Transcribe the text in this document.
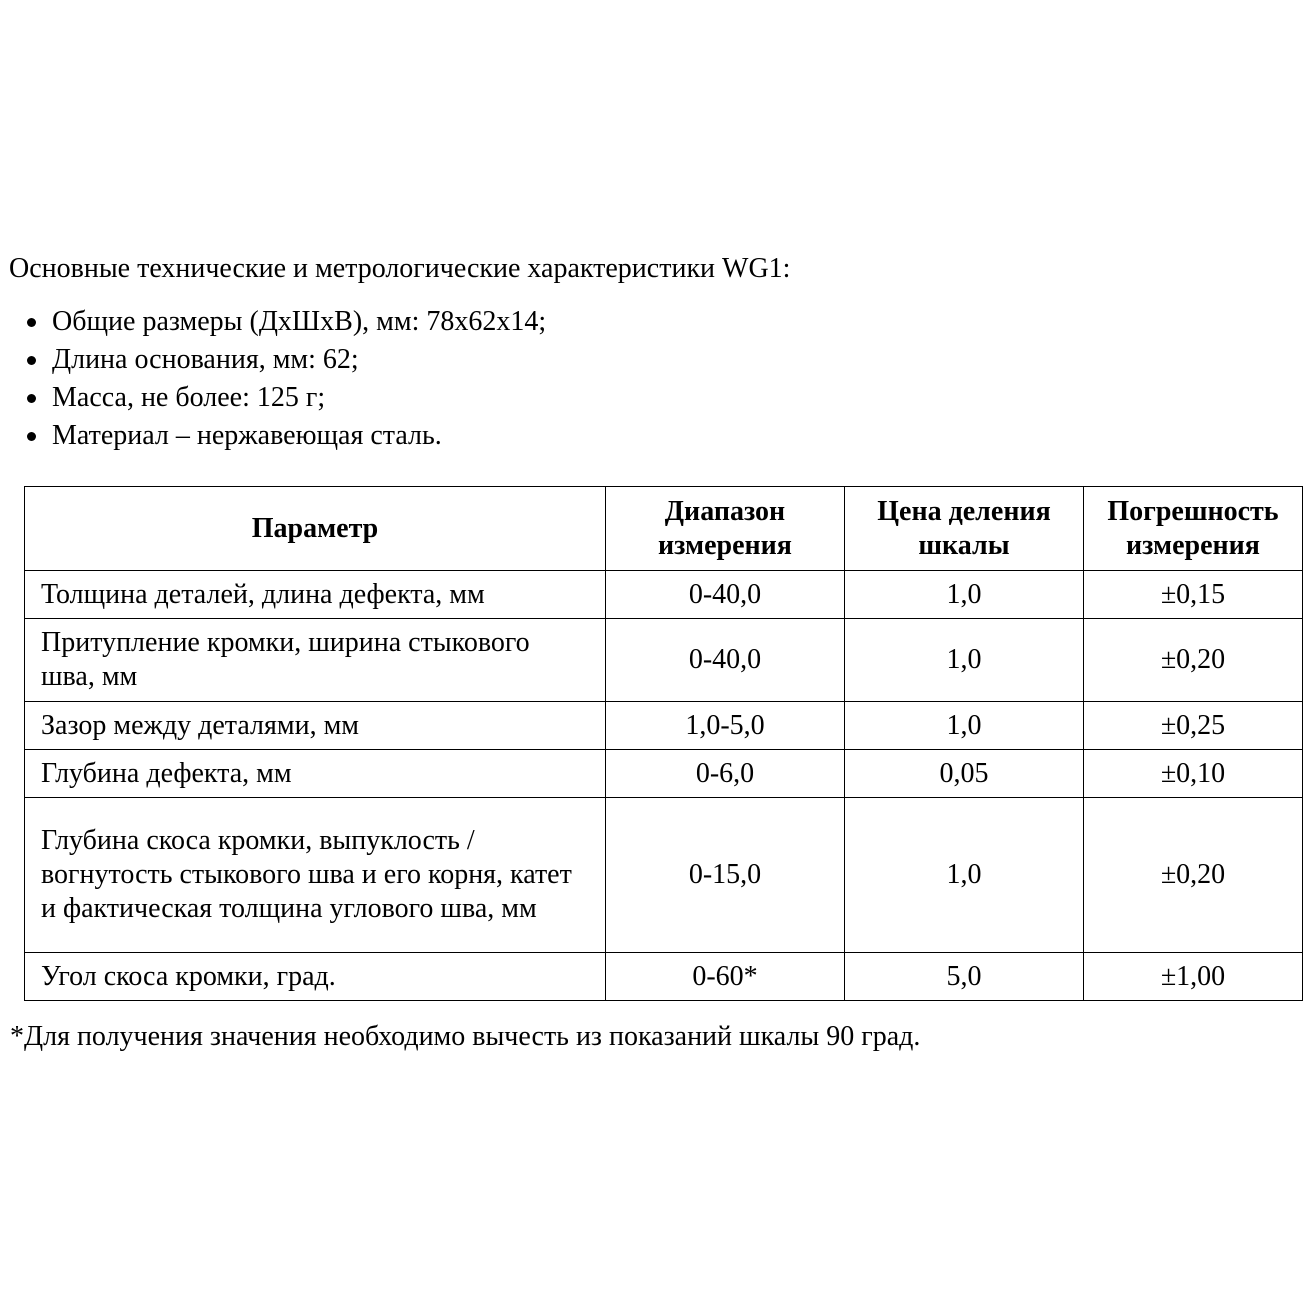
Основные технические и метрологические характеристики WG1:
Общие размеры (ДхШхВ), мм: 78х62х14;
Длина основания, мм: 62;
Масса, не более: 125 г;
Материал – нержавеющая сталь.
Параметр	Диапазон измерения	Цена деления шкалы	Погрешность измерения
Толщина деталей, длина дефекта, мм	0-40,0	1,0	±0,15
Притупление кромки, ширина стыкового шва, мм	0-40,0	1,0	±0,20
Зазор между деталями, мм	1,0-5,0	1,0	±0,25
Глубина дефекта, мм	0-6,0	0,05	±0,10
Глубина скоса кромки, выпуклость / вогнутость стыкового шва и его корня, катет и фактическая толщина углового шва, мм	0-15,0	1,0	±0,20
Угол скоса кромки, град.	0-60*	5,0	±1,00
*Для получения значения необходимо вычесть из показаний шкалы 90 град.
